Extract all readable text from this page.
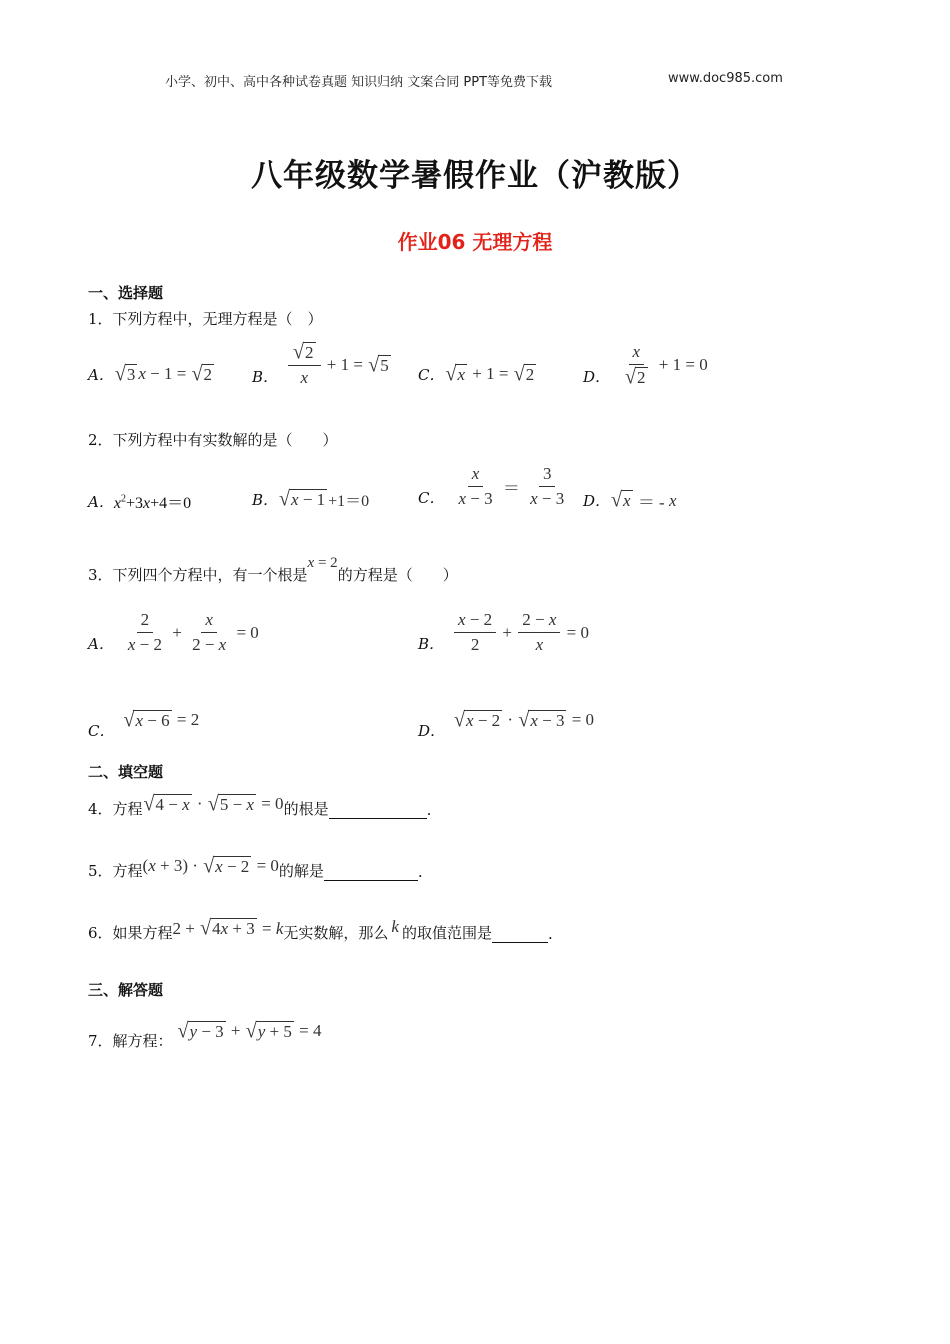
小学、初中、高中各种试卷真题 知识归纳 文案合同 PPT等免费下载	www.doc985.com
八年级数学暑假作业（沪教版）
作业06 无理方程
一、选择题
1．下列方程中，无理方程是（　）
A． √ 3 x − 1 = √ 2	B． $\frac{√ 2}{x} + 1$ = √ 5 C． √ x + 1 = √ 2	D． $\frac{x}{√ 2} + 1 = 0$
2．下列方程中有实数解的是（　　）
A． $x^2+3x+4=0$	B． √ x − 1 +1＝0	C． $\frac{x}{x - 3} = \frac{3}{x - 3}$ D． √ x ＝ - x
3．下列四个方程中，有一个根是
x = 2
的方程是（　　）
A． $\frac{2}{x - 2} + \frac{x}{2 - x} = 0$
B． $\frac{x - 2}{2} + \frac{2 - x}{x} = 0$
C． √ x − 6 = 2
D． √ x − 2 · √ x − 3 = 0
二、填空题
4．方程 √ 4 − x · √ 5 − x = 0 的根是	.
5．方程 ( x + 3) · √ x − 2 = 0 的解是	.
6．如果方程 2 + √ 4x + 3 = k 无实数解，那么 k 的取值范围是	.
三、解答题
7．解方程： √ y − 3 + √ y + 5 = 4
